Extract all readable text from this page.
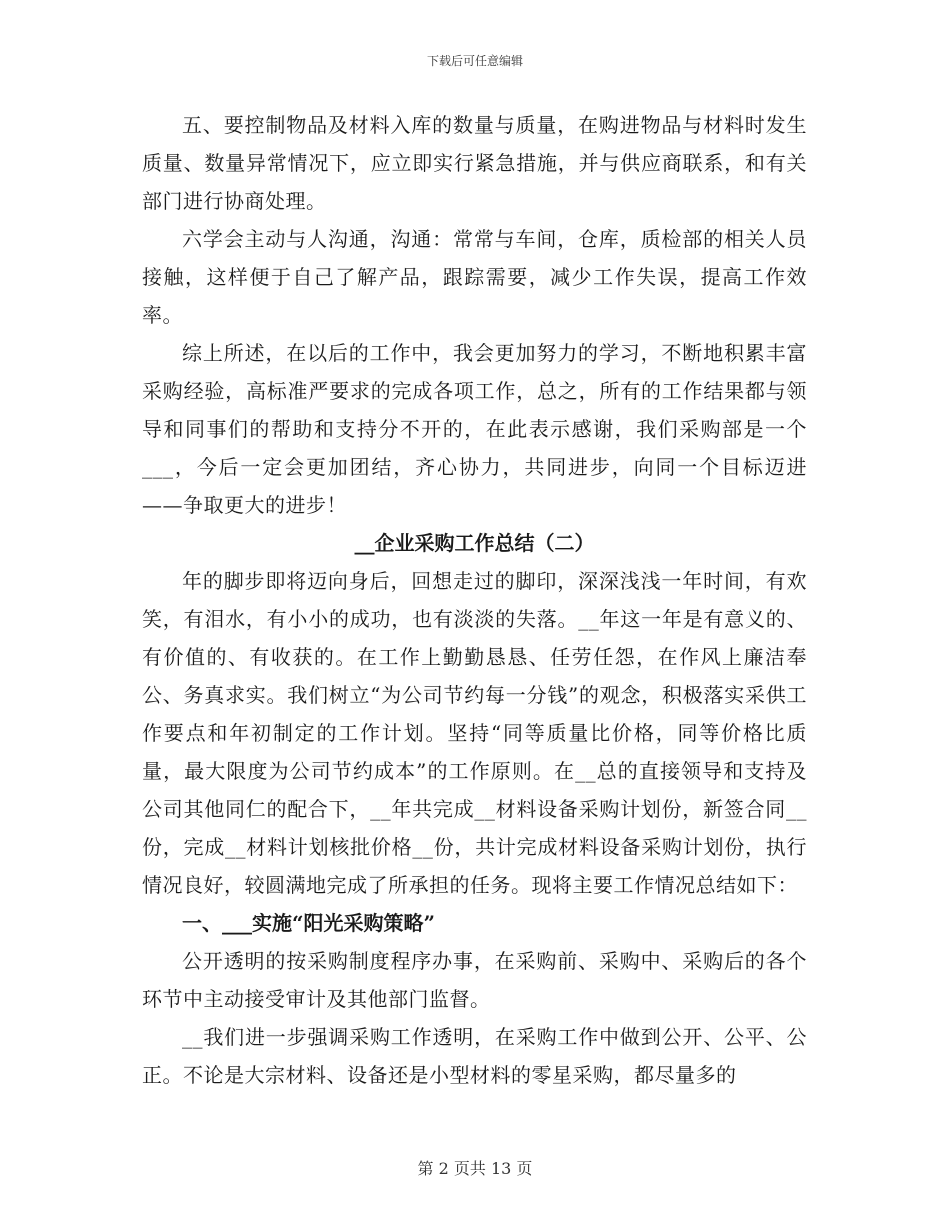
下载后可任意编辑

五、要控制物品及材料入库的数量与质量，在购进物品与材料时发生质量、数量异常情况下，应立即实行紧急措施，并与供应商联系，和有关部门进行协商处理。

六学会主动与人沟通，沟通：常常与车间，仓库，质检部的相关人员接触，这样便于自己了解产品，跟踪需要，减少工作失误，提高工作效率。

综上所述，在以后的工作中，我会更加努力的学习，不断地积累丰富采购经验，高标准严要求的完成各项工作，总之，所有的工作结果都与领导和同事们的帮助和支持分不开的，在此表示感谢，我们采购部是一个___，今后一定会更加团结，齐心协力，共同进步，向同一个目标迈进——争取更大的进步！

__企业采购工作总结（二）

年的脚步即将迈向身后，回想走过的脚印，深深浅浅一年时间，有欢笑，有泪水，有小小的成功，也有淡淡的失落。__年这一年是有意义的、有价值的、有收获的。在工作上勤勤恳恳、任劳任怨，在作风上廉洁奉公、务真求实。我们树立“为公司节约每一分钱”的观念，积极落实采供工作要点和年初制定的工作计划。坚持“同等质量比价格，同等价格比质量，最大限度为公司节约成本”的工作原则。在__总的直接领导和支持及公司其他同仁的配合下，__年共完成__材料设备采购计划份，新签合同__份，完成__材料计划核批价格__份，共计完成材料设备采购计划份，执行情况良好，较圆满地完成了所承担的任务。现将主要工作情况总结如下：

一、___实施“阳光采购策略”

公开透明的按采购制度程序办事，在采购前、采购中、采购后的各个环节中主动接受审计及其他部门监督。

__我们进一步强调采购工作透明，在采购工作中做到公开、公平、公正。不论是大宗材料、设备还是小型材料的零星采购，都尽量多的

第 2 页共 13 页
